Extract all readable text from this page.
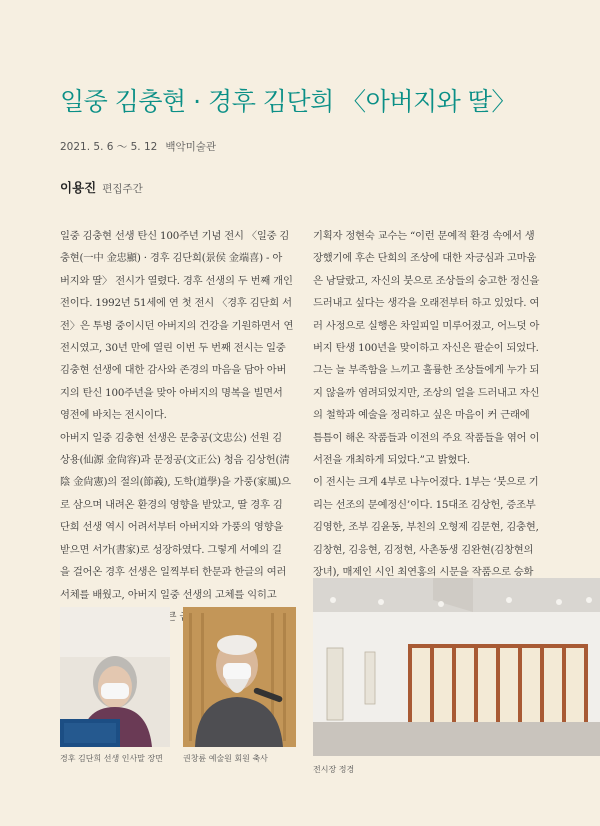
일중 김충현 · 경후 김단희 〈아버지와 딸〉
2021. 5. 6 ～ 5. 12 백악미술관
이용진 편집주간
일중 김충현 선생 탄신 100주년 기념 전시 〈일중 김
충현(一中 金忠顯) · 경후 김단희(景侯 金端喜) - 아
버지와 딸〉 전시가 열렸다. 경후 선생의 두 번째 개인
전이다. 1992년 51세에 연 첫 전시 〈경후 김단희 서
전〉은 투병 중이시던 아버지의 건강을 기원하면서 연
전시였고, 30년 만에 열린 이번 두 번째 전시는 일중
김충현 선생에 대한 감사와 존경의 마음을 담아 아버
지의 탄신 100주년을 맞아 아버지의 명복을 빌면서
영전에 바치는 전시이다.
아버지 일중 김충현 선생은 문충공(文忠公) 선원 김
상용(仙源 金尙容)과 문정공(文正公) 청음 김상헌(淸
陰 金尙憲)의 절의(節義), 도학(道學)을 가풍(家風)으
로 삼으며 내려온 환경의 영향을 받았고, 딸 경후 김
단희 선생 역시 어려서부터 아버지와 가풍의 영향을
받으면 서가(書家)로 성장하였다. 그렇게 서예의 길
을 걸어온 경후 선생은 일찍부터 한문과 한글의 여러
서체를 배웠고, 아버지 일중 선생의 고체를 익히고
큰
기획자 정현숙 교수는 “이런 문예적 환경 속에서 생
장했기에 후손 단희의 조상에 대한 자긍심과 고마움
은 남달랐고, 자신의 붓으로 조상들의 숭고한 정신을
드러내고 싶다는 생각을 오래전부터 하고 있었다. 여
러 사정으로 실행은 차일피일 미루어졌고, 어느덧 아
버지 탄생 100년을 맞이하고 자신은 팔순이 되었다.
그는 늘 부족함을 느끼고 훌륭한 조상들에게 누가 되
지 않을까 염려되었지만, 조상의 얼을 드러내고 자신
의 철학과 예술을 정리하고 싶은 마음이 커 근래에
틈틈이 해온 작품들과 이전의 주요 작품들을 엮어 이
서전을 개최하게 되었다.”고 밝혔다.
이 전시는 크게 4부로 나누어졌다. 1부는 ‘붓으로 기
리는 선조의 문예정신’이다. 15대조 김상헌, 증조부
김영한, 조부 김윤동, 부친의 오형제 김문현, 김충현,
김창현, 김응현, 김정현, 사촌동생 김완현(김창현의
장녀), 매제인 시인 최연홍의 시문을 작품으로 승화
경후 김단희 선생 인사말 장면	권창륜 예술원 회원 축사
전시장 정경
